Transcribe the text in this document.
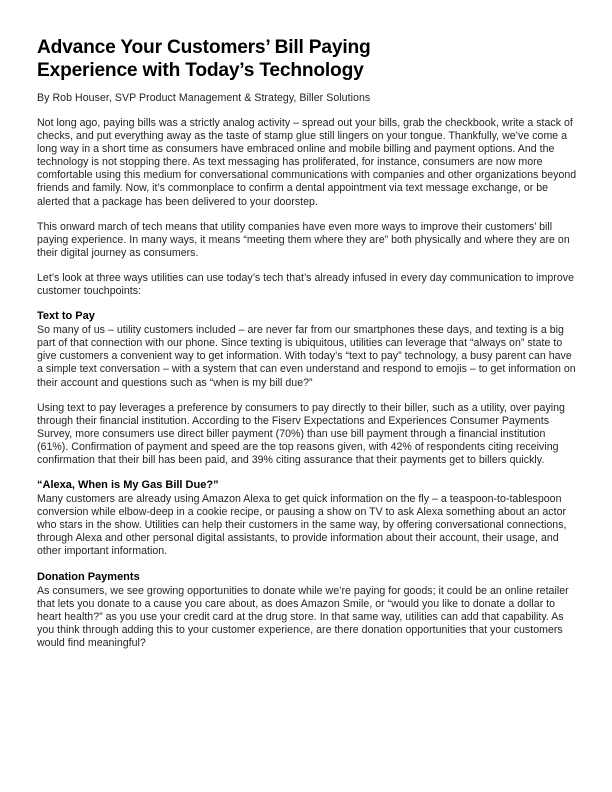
Advance Your Customers’ Bill Paying
Experience with Today’s Technology

By Rob Houser, SVP Product Management & Strategy, Biller Solutions

Not long ago, paying bills was a strictly analog activity – spread out your bills, grab the checkbook, write a stack of checks, and put everything away as the taste of stamp glue still lingers on your tongue. Thankfully, we’ve come a long way in a short time as consumers have embraced online and mobile billing and payment options. And the technology is not stopping there. As text messaging has proliferated, for instance, consumers are now more comfortable using this medium for conversational communications with companies and other organizations beyond friends and family. Now, it’s commonplace to confirm a dental appointment via text message exchange, or be alerted that a package has been delivered to your doorstep.

This onward march of tech means that utility companies have even more ways to improve their customers’ bill paying experience. In many ways, it means “meeting them where they are” both physically and where they are on their digital journey as consumers.

Let’s look at three ways utilities can use today’s tech that’s already infused in every day communication to improve customer touchpoints:

Text to Pay

So many of us – utility customers included – are never far from our smartphones these days, and texting is a big part of that connection with our phone. Since texting is ubiquitous, utilities can leverage that “always on” state to give customers a convenient way to get information. With today’s “text to pay” technology, a busy parent can have a simple text conversation – with a system that can even understand and respond to emojis – to get information on their account and questions such as “when is my bill due?”

Using text to pay leverages a preference by consumers to pay directly to their biller, such as a utility, over paying through their financial institution. According to the Fiserv Expectations and Experiences Consumer Payments Survey, more consumers use direct biller payment (70%) than use bill payment through a financial institution (61%). Confirmation of payment and speed are the top reasons given, with 42% of respondents citing receiving confirmation that their bill has been paid, and 39% citing assurance that their payments get to billers quickly.

“Alexa, When is My Gas Bill Due?”

Many customers are already using Amazon Alexa to get quick information on the fly – a teaspoon-to-tablespoon conversion while elbow-deep in a cookie recipe, or pausing a show on TV to ask Alexa something about an actor who stars in the show. Utilities can help their customers in the same way, by offering conversational connections, through Alexa and other personal digital assistants, to provide information about their account, their usage, and other important information.

Donation Payments

As consumers, we see growing opportunities to donate while we’re paying for goods; it could be an online retailer that lets you donate to a cause you care about, as does Amazon Smile, or “would you like to donate a dollar to heart health?” as you use your credit card at the drug store. In that same way, utilities can add that capability. As you think through adding this to your customer experience, are there donation opportunities that your customers would find meaningful?
